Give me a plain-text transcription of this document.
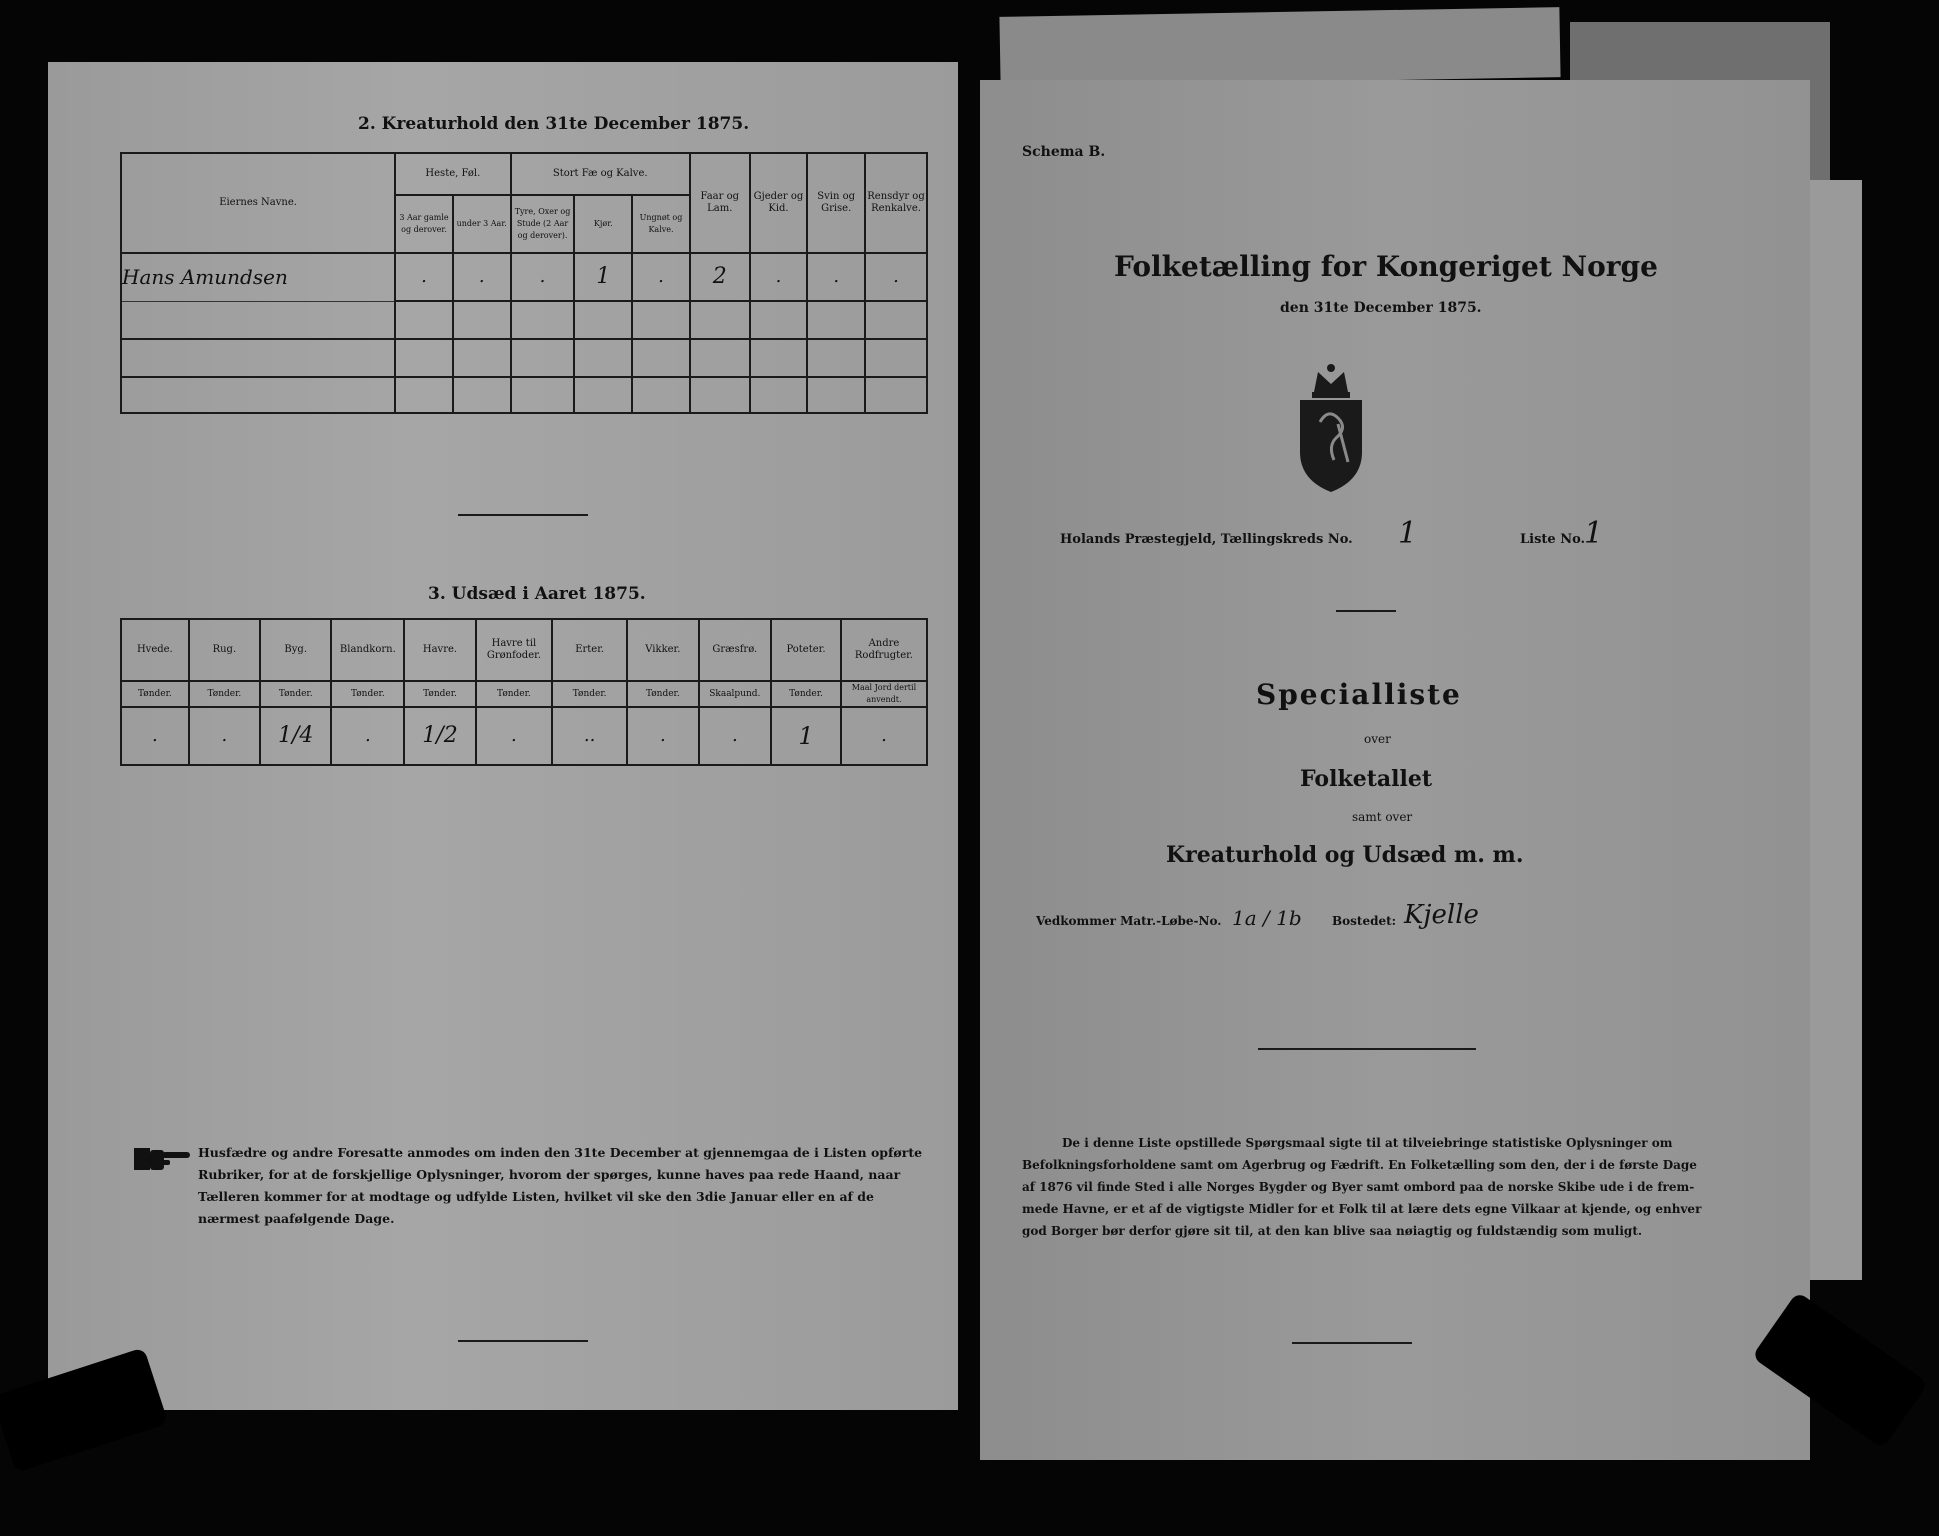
2. Kreaturhold den 31te December 1875.
Eiernes Navne.	Heste, Føl.		Stort Fæ og Kalve.			Faar og Lam.	Gjeder og Kid.	Svin og Grise.	Rensdyr og Renkalve.
	3 Aar gamle og derover.	under 3 Aar.	Tyre, Oxer og Stude (2 Aar og derover).	Kjør.	Ungnøt og Kalve.				
Hans Amundsen	.	.	.	1	.	2	.	.	.

3. Udsæd i Aaret 1875.
Hvede.	Rug.	Byg.	Blandkorn.	Havre.	Havre til Grønfoder.	Erter.	Vikker.	Græsfrø.	Poteter.	Andre Rodfrugter.
Tønder.	Tønder.	Tønder.	Tønder.	Tønder.	Tønder.	Tønder.	Tønder.	Skaalpund.	Tønder.	Maal Jord dertil anvendt.
.	.	1/4	.	1/2	.	..	.	.	1	.
Husfædre og andre Foresatte anmodes om inden den 31te December at gjennemgaa de i Listen opførte
Rubriker, for at de forskjellige Oplysninger, hvorom der spørges, kunne haves paa rede Haand, naar
Tælleren kommer for at modtage og udfylde Listen, hvilket vil ske den 3die Januar eller en af de
nærmest paafølgende Dage.
Schema B.
Folketælling for Kongeriget Norge
den 31te December 1875.
Holands Præstegjeld, Tællingskreds No. 1	Liste No.
1
Specialliste
over
Folketallet
samt over
Kreaturhold og Udsæd m. m.
Vedkommer Matr.-Løbe-No. 1a / 1b	Bostedet: Kjelle
De i denne Liste opstillede Spørgsmaal sigte til at tilveiebringe statistiske Oplysninger om
Befolkningsforholdene samt om Agerbrug og Fædrift. En Folketælling som den, der i de første Dage
af 1876 vil finde Sted i alle Norges Bygder og Byer samt ombord paa de norske Skibe ude i de frem-
mede Havne, er et af de vigtigste Midler for et Folk til at lære dets egne Vilkaar at kjende, og enhver
god Borger bør derfor gjøre sit til, at den kan blive saa nøiagtig og fuldstændig som muligt.
